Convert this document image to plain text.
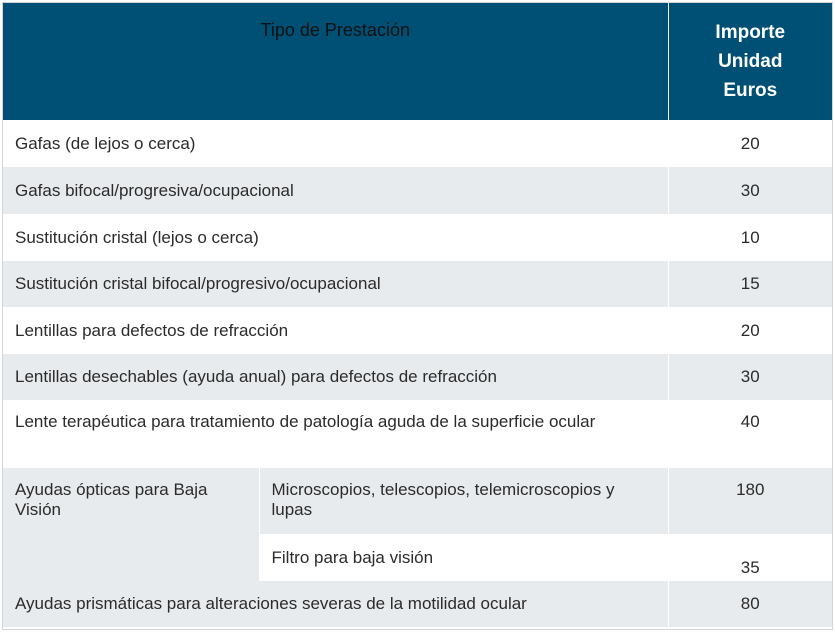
Tipo de Prestación		Importe
Unidad
Euros

Gafas (de lejos o cerca)		20
Gafas bifocal/progresiva/ocupacional		30
Sustitución cristal (lejos o cerca)		10
Sustitución cristal bifocal/progresivo/ocupacional		15
Lentillas para defectos de refracción		20
Lentillas desechables (ayuda anual) para defectos de refracción		30
Lente terapéutica para tratamiento de patología aguda de la superficie ocular		40
Ayudas ópticas para Baja Visión	Microscopios, telescopios, telemicroscopios y lupas	180
	Filtro para baja visión	35
Ayudas prismáticas para alteraciones severas de la motilidad ocular		80
